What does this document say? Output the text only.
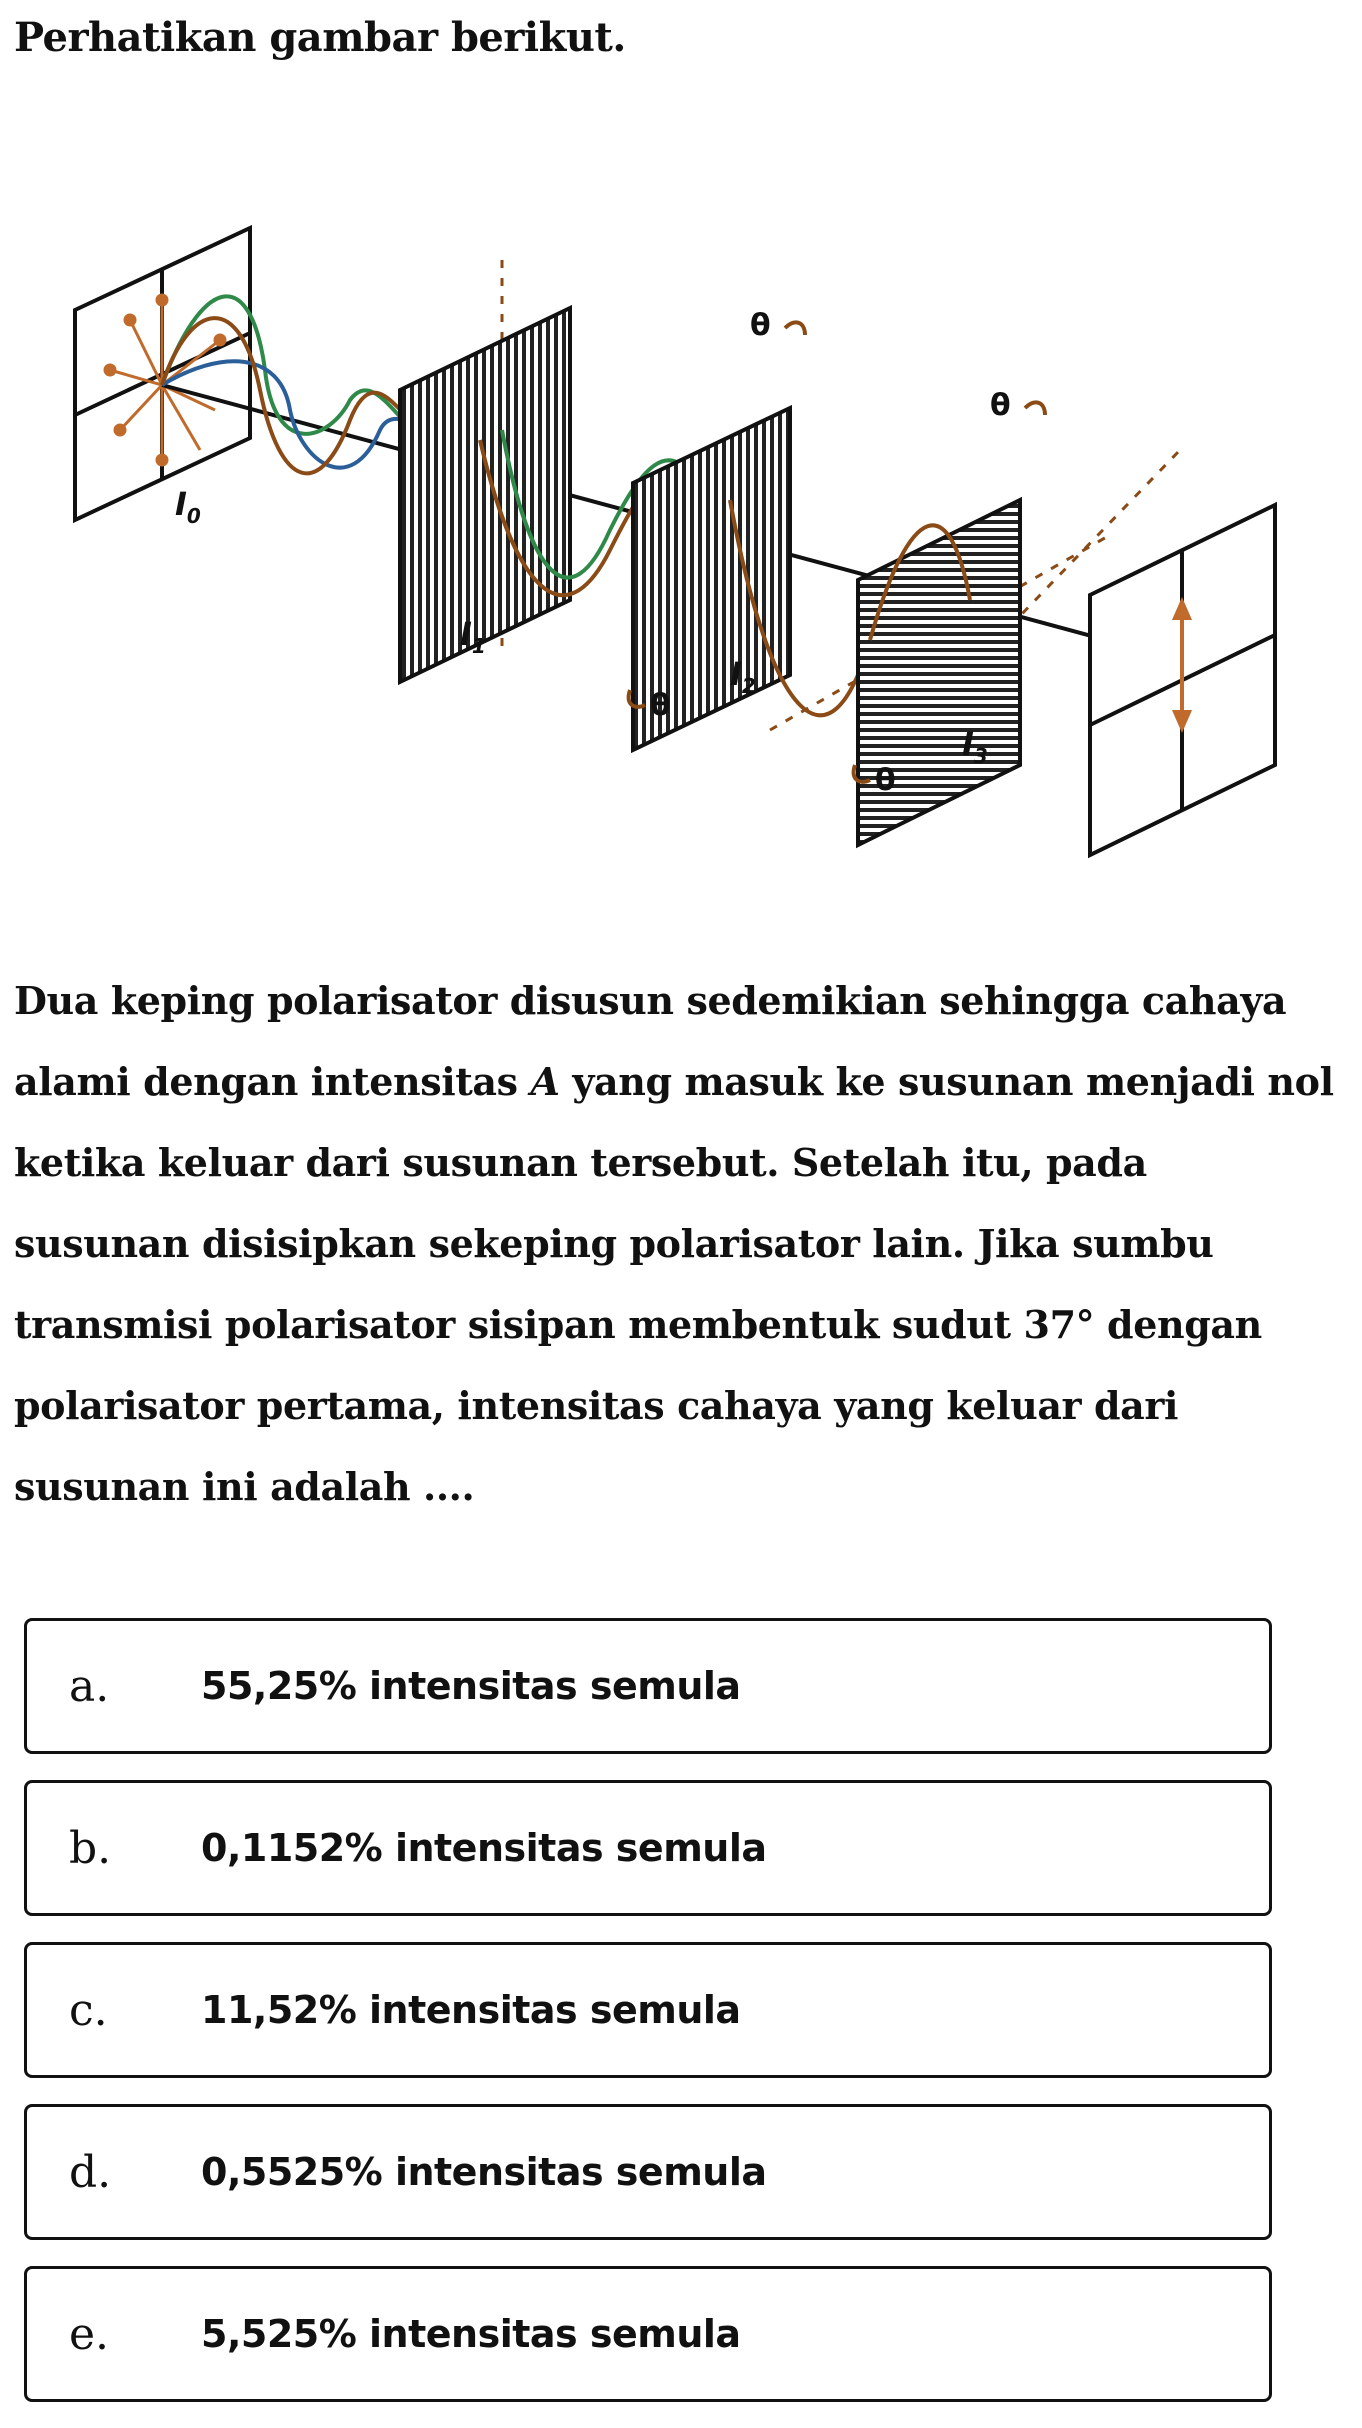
Perhatikan gambar berikut.
$I_0$
$I_1$
$I_2$
$I_3$
θ
θ
θ
θ
Dua keping polarisator disusun sedemikian sehingga cahaya alami dengan intensitas A yang masuk ke susunan menjadi nol ketika keluar dari susunan tersebut. Setelah itu, pada susunan disisipkan sekeping polarisator lain. Jika sumbu transmisi polarisator sisipan membentuk sudut 37° dengan polarisator pertama, intensitas cahaya yang keluar dari susunan ini adalah ....
a.	55,25% intensitas semula
b.	0,1152% intensitas semula
c.	11,52% intensitas semula
d.	0,5525% intensitas semula
e.	5,525% intensitas semula
